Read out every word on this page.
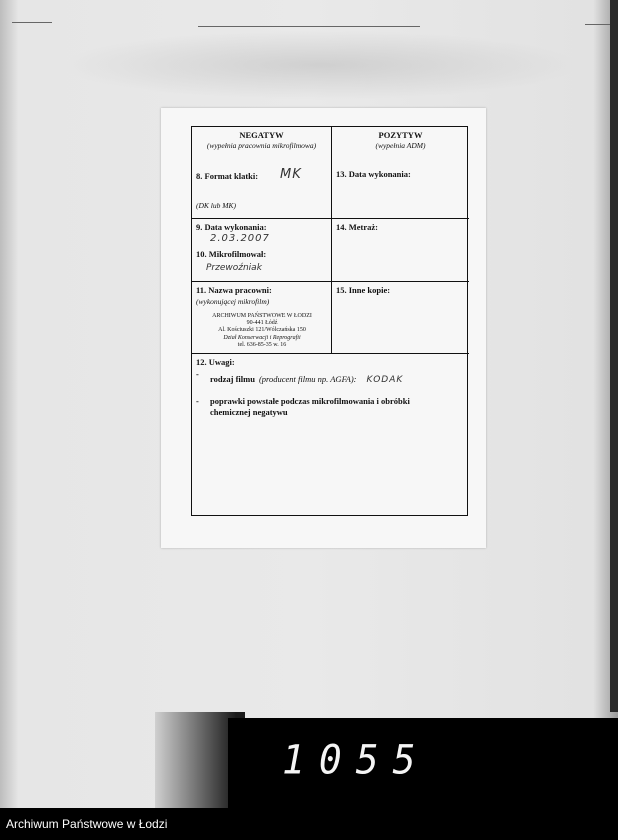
NEGATYW
(wypełnia pracownia mikrofilmowa)
8. Format klatki: MK
(DK lub MK)
POZYTYW
(wypełnia ADM)
13. Data wykonania:
9. Data wykonania:
2.03.2007
10. Mikrofilmował:
Przewoźniak
14. Metraż:
11. Nazwa pracowni:
(wykonującej mikrofilm)
ARCHIWUM PAŃSTWOWE W ŁODZI
90-441 Łódź
Al. Kościuszki 121/Wólczańska 150
Dział Konserwacji i Reprografii
tel. 636-85-35 w. 16
15. Inne kopie:
12. Uwagi:
- rodzaj filmu (producent filmu np. AGFA): KODAK
- poprawki powstałe podczas mikrofilmowania i obróbki chemicznej negatywu
1055
Archiwum Państwowe w Łodzi
